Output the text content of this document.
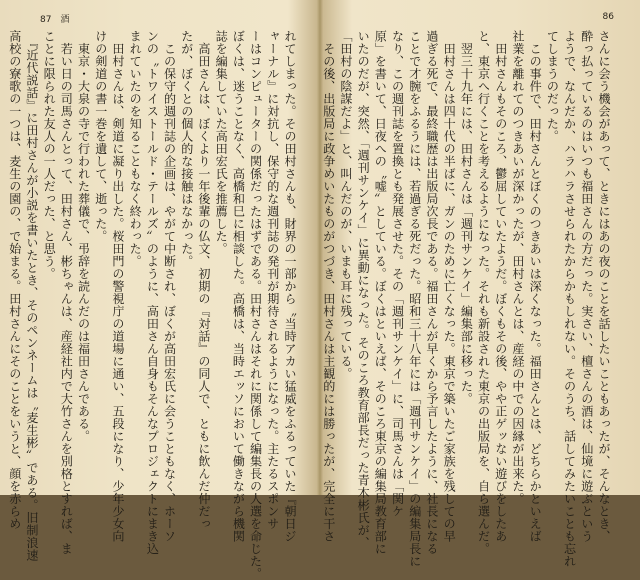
87　酒	86
れてしまった。その田村さんも、財界の一部から〝当時アカい猛威をふるっていた『朝日ジ
ャーナル』に対抗し、保守的な週刊誌の発刊が期待されるようになった。主たるスポンサ
ーはコンピューターの関係だったはずである。田村さんはそれに関係して編集長の人選を命じた。
ぼくは、迷うことなく、高橋和巳に相談した。高橋は、当時エッソにおいて働きながら機関
誌を編集していた高田宏氏を推薦した。
　高田さんは、ぼくより一年後輩の仏文、初期の『対話』の同人で、ともに飲んだ仲だっ
たが、ぼくとの個人的な接触はなかった。
　この保守的週刊誌の企画は、やがて中断され、ぼくが高田宏氏に会うこともなく、ホーソ
ンの〝トワイストールド・テールズ〟のように、高田さん自身もそんなプロジェクトにまき込
まれていたのを知ることもなく終わった。
　田村さんは、剣道に凝り出した。桜田門の警視庁の道場に通い、五段になり、少年少女向
けの剣道の書一巻を遺して、逝った。
　東京・大泉の寺で行われた葬儀で、弔辞を読んだのは福田さんである。
　若い日の司馬さんとって、田村さん、彬ちゃんは、産経社内で大竹さんを別格とすれば、ま
ことに限られた友人の一人だった、と思う。
　『近代説話』に田村さんが小説を書いたとき、そのペンネームは〝麦生彬〟である。旧制浪速
高校の寮歌の一つは、麦生の園の、で始まる。田村さんにそのことをいうと、顔を赤らめ	さんに会う機会があって、ときにはあの夜のことを話したいこともあったが、そんなとき、
酔っ払っているのはいつも福田さんの方だった。実さい、檀さんの酒は、仙境に遊ぶという
ようで、なんだか、ハラハラさせられたからかもしれない。そのうち、話してみたいことも忘れ
てしまうのだった。
　この事件で、田村さんとぼくのつきあいは深くなった。福田さんとは、どちらかといえば
社業を離れてのつきあいが深かったが、田村さんとは、産経の中での因縁が出来た。
　田村さんもそのころ、鬱屈していたようだ。ぼくもその後、やや正ゲッない遊びをしたあ
と、東京へ行くことを考えるようになった。それも新設された東京の出版局を、自ら選んだ。
　翌三十九年には、田村さんは「週刊サンケイ」編集部に移った。
　田村さんは四十代の半ばに、ガンのために亡くなった。東京で築いたご家族を残しての早
過ぎる死で、最終職歴は出版局次長である。福田さんが早くから予言したように、社長になる
ことで才腕をふるうには、若過ぎる死だった。昭和三十八年には「週刊サンケイ」の編集局長に
なり、この週刊誌を置換とも発展させた。その「週刊サンケイ」に、司馬さんは「関ケ
原」を書いて、日夜への〝嘘〟としている。ぼくはといえば、そのころ東京の編集局教育部に
いたのだが、突然、「週刊サンケイ」に異動になった。そのころ教育部長だった青木彬氏が、
「田村の陰謀だよ」と、叫んだのが、いまも耳に残っている。
　その後、出版局に政争めいたものがつづき、田村さんは主観的には勝ったが、完全に干さ
